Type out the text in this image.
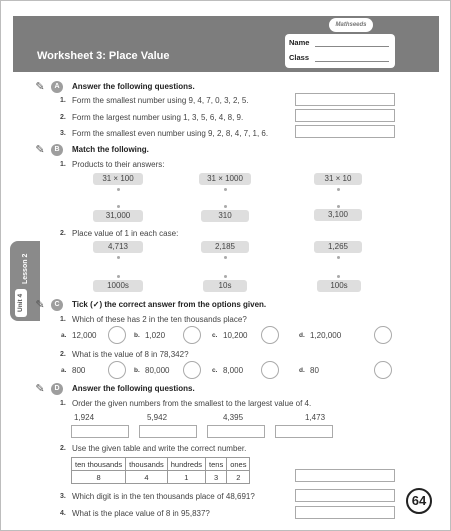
Mathseeds
Worksheet 3: Place Value
Name
Class
Lesson 2
Unit 4
✎	A	Answer the following questions.
1. Form the smallest number using 9, 4, 7, 0, 3, 2, 5.
2. Form the largest number using 1, 3, 5, 6, 4, 8, 9.
3. Form the smallest even number using 9, 2, 8, 4, 7, 1, 6.
✎	B	Match the following.
1. Products to their answers:
31 × 100	31 × 1000	31 × 10
31,000	310	3,100
2. Place value of 1 in each case:
4,713	2,185	1,265
1000s	10s	100s
✎	C	Tick (✓) the correct answer from the options given.
1. Which of these has 2 in the ten thousands place?
a. 12,000	b. 1,020	c. 10,200	d. 1,20,000
2. What is the value of 8 in 78,342?
a. 800	b. 80,000	c. 8,000	d. 80
✎	D	Answer the following questions.
1. Order the given numbers from the smallest to the largest value of 4.
1,924	5,942	4,395	1,473
2. Use the given table and write the correct number.
ten thousands	thousands	hundreds	tens	ones
8	4	1	3	2
3. Which digit is in the ten thousands place of 48,691?
4. What is the place value of 8 in 95,837?
64
